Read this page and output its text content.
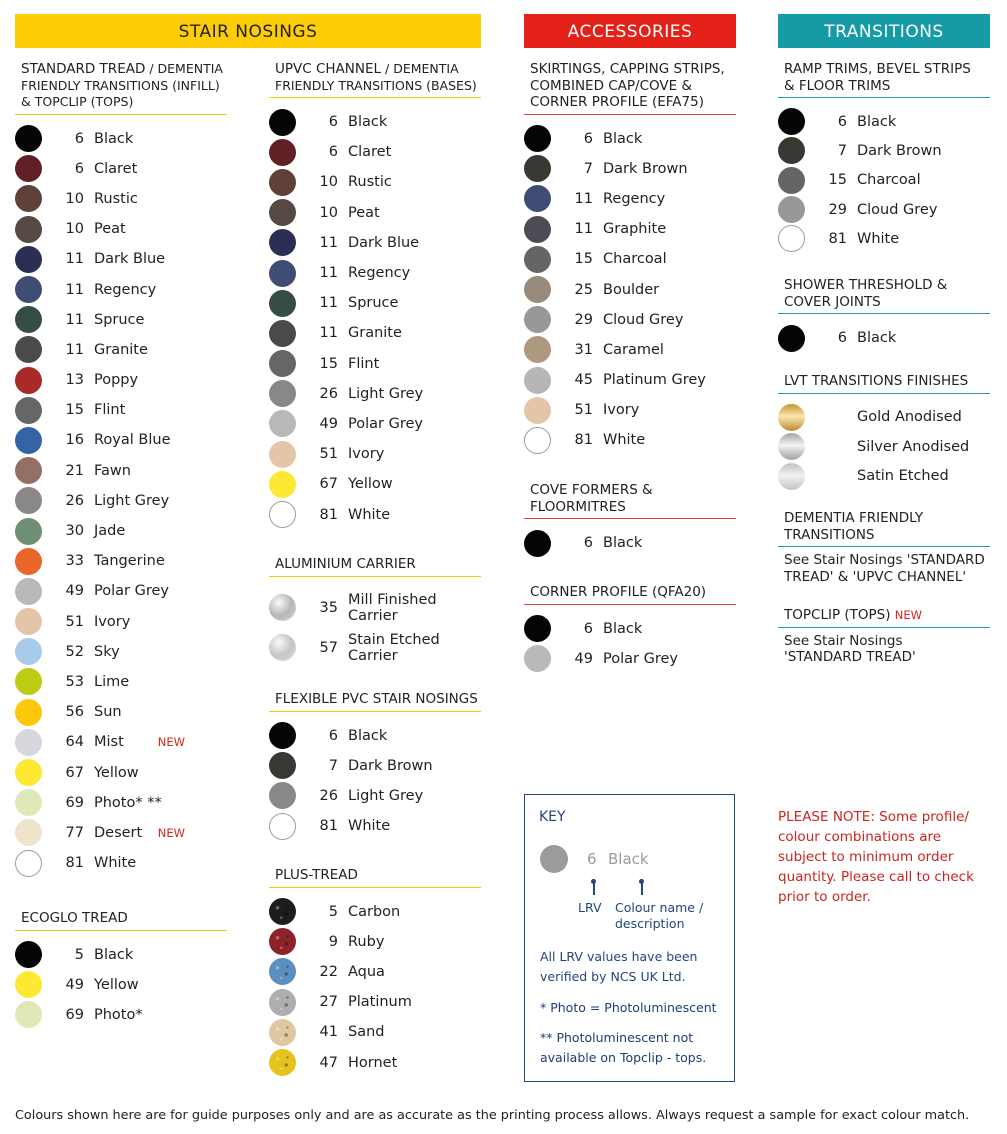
STAIR NOSINGS	ACCESSORIES	TRANSITIONS
STANDARD TREAD / DEMENTIA
FRIENDLY TRANSITIONS (INFILL)
& TOPCLIP (TOPS)
6 Black
6 Claret
10 Rustic
10 Peat
11 Dark Blue
11 Regency
11 Spruce
11 Granite
13 Poppy
15 Flint
16 Royal Blue
21 Fawn
26 Light Grey
30 Jade
33 Tangerine
49 Polar Grey
51 Ivory
52 Sky
53 Lime
56 Sun
64 Mist	NEW
67 Yellow
69 Photo* **
77 Desert NEW
81 White
ECOGLO TREAD
5 Black
49 Yellow
69 Photo*
UPVC CHANNEL / DEMENTIA
FRIENDLY TRANSITIONS (BASES)
6 Black
6 Claret
10 Rustic
10 Peat
11 Dark Blue
11 Regency
11 Spruce
11 Granite
15 Flint
26 Light Grey
49 Polar Grey
51 Ivory
67 Yellow
81 White
ALUMINIUM CARRIER
35 Mill Finished
Carrier
57 Stain Etched
Carrier
FLEXIBLE PVC STAIR NOSINGS
6 Black
7 Dark Brown
26 Light Grey
81 White
PLUS-TREAD
5 Carbon
9 Ruby
22 Aqua
27 Platinum
41 Sand
47 Hornet
SKIRTINGS, CAPPING STRIPS,
COMBINED CAP/COVE &
CORNER PROFILE (EFA75)
6 Black
7 Dark Brown
11 Regency
11 Graphite
15 Charcoal
25 Boulder
29 Cloud Grey
31 Caramel
45 Platinum Grey
51 Ivory
81 White
COVE FORMERS &
FLOORMITRES
6 Black
CORNER PROFILE (QFA20)
6 Black
49 Polar Grey
RAMP TRIMS, BEVEL STRIPS
& FLOOR TRIMS
6 Black
7 Dark Brown
15 Charcoal
29 Cloud Grey
81 White
SHOWER THRESHOLD &
COVER JOINTS
6 Black
LVT TRANSITIONS FINISHES
Gold Anodised
Silver Anodised
Satin Etched
DEMENTIA FRIENDLY
TRANSITIONS
See Stair Nosings 'STANDARD
TREAD' & 'UPVC CHANNEL'
TOPCLIP (TOPS) NEW
See Stair Nosings
'STANDARD TREAD'
KEY
6 Black
LRV Colour name /
description
All LRV values have been
verified by NCS UK Ltd.
* Photo = Photoluminescent
** Photoluminescent not
available on Topclip - tops.
PLEASE NOTE: Some profile/
colour combinations are
subject to minimum order
quantity. Please call to check
prior to order.
Colours shown here are for guide purposes only and are as accurate as the printing process allows. Always request a sample for exact colour match.
